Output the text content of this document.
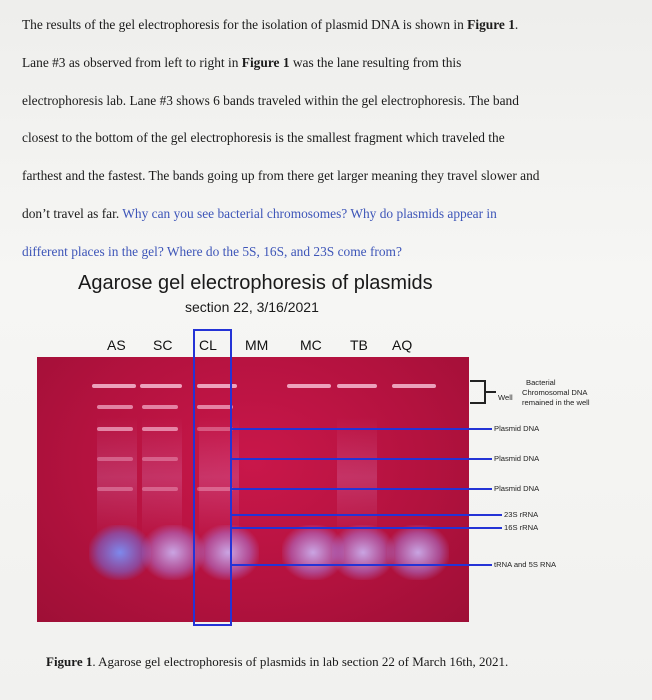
The results of the gel electrophoresis for the isolation of plasmid DNA is shown in Figure 1.
Lane #3 as observed from left to right in Figure 1 was the lane resulting from this
electrophoresis lab. Lane #3 shows 6 bands traveled within the gel electrophoresis. The band
closest to the bottom of the gel electrophoresis is the smallest fragment which traveled the
farthest and the fastest. The bands going up from there get larger meaning they travel slower and
don’t travel as far. Why can you see bacterial chromosomes? Why do plasmids appear in
different places in the gel? Where do the 5S, 16S, and 23S come from?
Agarose gel electrophoresis of plasmids
section 22, 3/16/2021
AS SC CL MM MC TB AQ
Bacterial
Chromosomal DNA
remained in the well
Well
Plasmid DNA
Plasmid DNA
Plasmid DNA
23S rRNA
16S rRNA
tRNA and 5S RNA
Figure 1. Agarose gel electrophoresis of plasmids in lab section 22 of March 16th, 2021.
